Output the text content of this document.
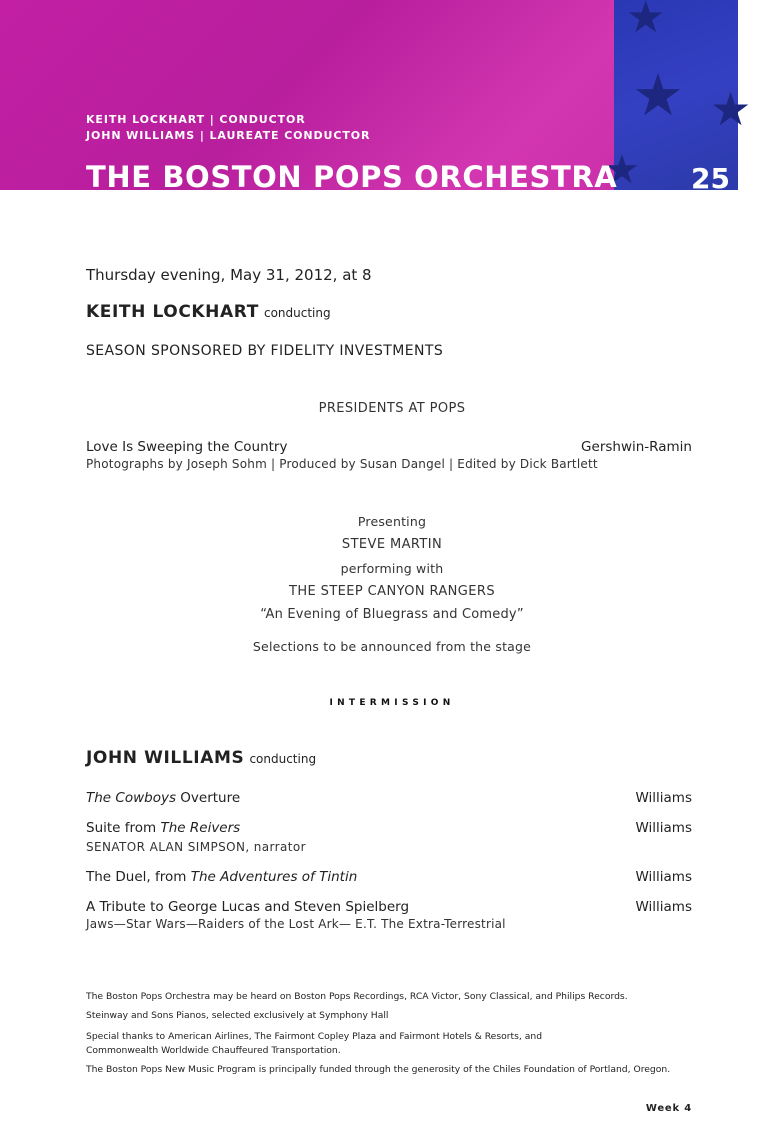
★
★ ★
★
KEITH LOCKHART | CONDUCTOR
JOHN WILLIAMS | LAUREATE CONDUCTOR
THE BOSTON POPS ORCHESTRA	25
Thursday evening, May 31, 2012, at 8
KEITH LOCKHART conducting
SEASON SPONSORED BY FIDELITY INVESTMENTS
PRESIDENTS AT POPS
Love Is Sweeping the Country	Gershwin-Ramin
Photographs by Joseph Sohm | Produced by Susan Dangel | Edited by Dick Bartlett
Presenting
STEVE MARTIN
performing with
THE STEEP CANYON RANGERS
“An Evening of Bluegrass and Comedy”
Selections to be announced from the stage
INTERMISSION
JOHN WILLIAMS conducting
The Cowboys Overture	Williams
Suite from The Reivers	Williams
SENATOR ALAN SIMPSON, narrator
The Duel, from The Adventures of Tintin	Williams
A Tribute to George Lucas and Steven Spielberg	Williams
Jaws—Star Wars—Raiders of the Lost Ark— E.T. The Extra-Terrestrial
The Boston Pops Orchestra may be heard on Boston Pops Recordings, RCA Victor, Sony Classical, and Philips Records.
Steinway and Sons Pianos, selected exclusively at Symphony Hall
Special thanks to American Airlines, The Fairmont Copley Plaza and Fairmont Hotels & Resorts, and
Commonwealth Worldwide Chauffeured Transportation.
The Boston Pops New Music Program is principally funded through the generosity of the Chiles Foundation of Portland, Oregon.
Week 4
